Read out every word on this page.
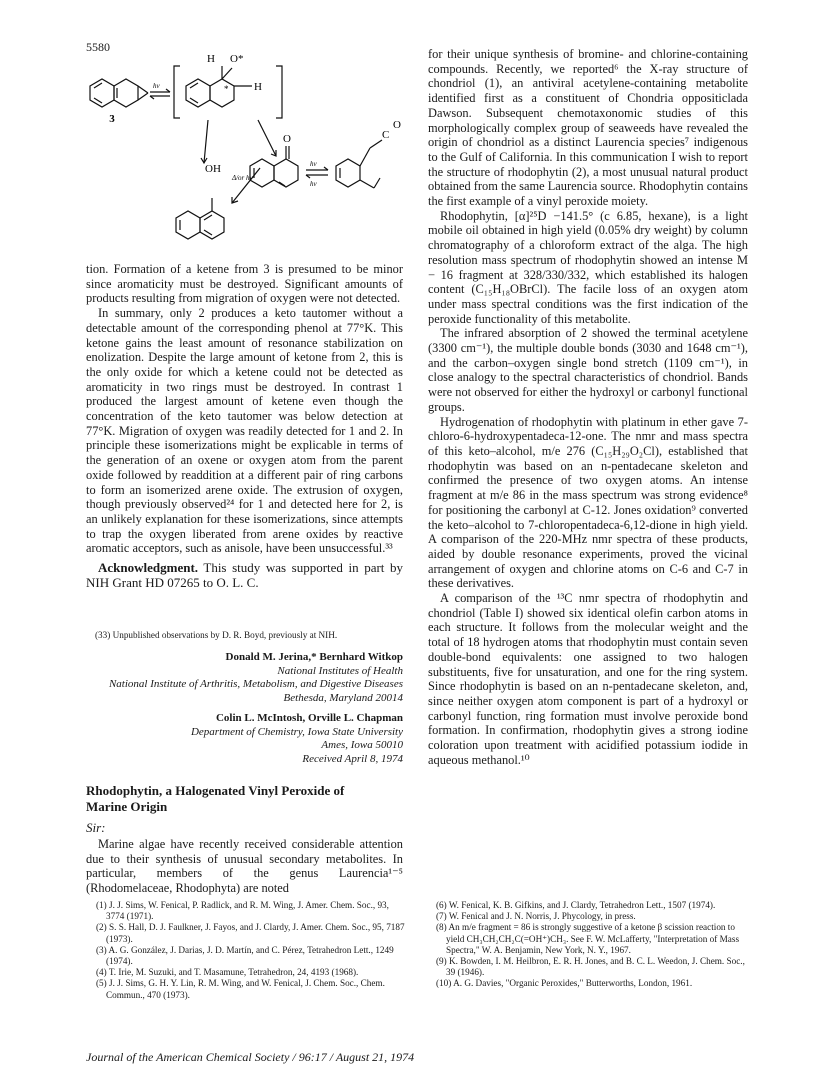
5580
3
H O*
H
*
O
OH
C
O
hν
hν
hν
Δ/or hν

tion. Formation of a ketene from 3 is presumed to be minor since aromaticity must be destroyed. Significant amounts of products resulting from migration of oxygen were not detected.

In summary, only 2 produces a keto tautomer without a detectable amount of the corresponding phenol at 77°K. This ketone gains the least amount of resonance stabilization on enolization. Despite the large amount of ketone from 2, this is the only oxide for which a ketene could not be detected as aromaticity in two rings must be destroyed. In contrast 1 produced the largest amount of ketene even though the concentration of the keto tautomer was below detection at 77°K. Migration of oxygen was readily detected for 1 and 2. In principle these isomerizations might be explicable in terms of the generation of an oxene or oxygen atom from the parent oxide followed by readdition at a different pair of ring carbons to form an isomerized arene oxide. The extrusion of oxygen, though previously observed²⁴ for 1 and detected here for 2, is an unlikely explanation for these isomerizations, since attempts to trap the oxygen liberated from arene oxides by reactive aromatic acceptors, such as anisole, have been unsuccessful.³³

Acknowledgment. This study was supported in part by NIH Grant HD 07265 to O. L. C.

(33) Unpublished observations by D. R. Boyd, previously at NIH.
Donald M. Jerina,* Bernhard Witkop
National Institutes of Health
National Institute of Arthritis, Metabolism, and Digestive Diseases
Bethesda, Maryland 20014
Colin L. McIntosh, Orville L. Chapman
Department of Chemistry, Iowa State University
Ames, Iowa 50010
Received April 8, 1974
Rhodophytin, a Halogenated Vinyl Peroxide of Marine Origin
Sir:

Marine algae have recently received considerable attention due to their synthesis of unusual secondary metabolites. In particular, members of the genus Laurencia¹⁻⁵ (Rhodomelaceae, Rhodophyta) are noted

for their unique synthesis of bromine- and chlorine-containing compounds. Recently, we reported⁶ the X-ray structure of chondriol (1), an antiviral acetylene-containing metabolite identified first as a constituent of Chondria oppositiclada Dawson. Subsequent chemotaxonomic studies of this morphologically complex group of seaweeds have revealed the origin of chondriol as a distinct Laurencia species⁷ indigenous to the Gulf of California. In this communication I wish to report the structure of rhodophytin (2), a most unusual natural product obtained from the same Laurencia source. Rhodophytin contains the first example of a vinyl peroxide moiety.

Rhodophytin, [α]²⁵D −141.5° (c 6.85, hexane), is a light mobile oil obtained in high yield (0.05% dry weight) by column chromatography of a chloroform extract of the alga. The high resolution mass spectrum of rhodophytin showed an intense M − 16 fragment at 328/330/332, which established its halogen content (C₁₅H₁₈OBrCl). The facile loss of an oxygen atom under mass spectral conditions was the first indication of the peroxide functionality of this metabolite.

The infrared absorption of 2 showed the terminal acetylene (3300 cm⁻¹), the multiple double bonds (3030 and 1648 cm⁻¹), and the carbon–oxygen single bond stretch (1109 cm⁻¹), in close analogy to the spectral characteristics of chondriol. Bands were not observed for either the hydroxyl or carbonyl functional groups.

Hydrogenation of rhodophytin with platinum in ether gave 7-chloro-6-hydroxypentadeca-12-one. The nmr and mass spectra of this keto–alcohol, m/e 276 (C₁₅H₂₉O₂Cl), established that rhodophytin was based on an n-pentadecane skeleton and confirmed the presence of two oxygen atoms. An intense fragment at m/e 86 in the mass spectrum was strong evidence⁸ for positioning the carbonyl at C-12. Jones oxidation⁹ converted the keto–alcohol to 7-chloropentadeca-6,12-dione in high yield. A comparison of the 220-MHz nmr spectra of these products, aided by double resonance experiments, proved the vicinal arrangement of oxygen and chlorine atoms on C-6 and C-7 in these derivatives.

A comparison of the ¹³C nmr spectra of rhodophytin and chondriol (Table I) showed six identical olefin carbon atoms in each structure. It follows from the molecular weight and the total of 18 hydrogen atoms that rhodophytin must contain seven double-bond equivalents: one assigned to two halogen substituents, five for unsaturation, and one for the ring system. Since rhodophytin is based on an n-pentadecane skeleton, and, since neither oxygen atom component is part of a hydroxyl or carbonyl function, ring formation must involve peroxide bond formation. In confirmation, rhodophytin gives a strong iodine coloration upon treatment with acidified potassium iodide in aqueous methanol.¹⁰

(1) J. J. Sims, W. Fenical, P. Radlick, and R. M. Wing, J. Amer. Chem. Soc., 93, 3774 (1971).
(2) S. S. Hall, D. J. Faulkner, J. Fayos, and J. Clardy, J. Amer. Chem. Soc., 95, 7187 (1973).
(3) A. G. González, J. Darias, J. D. Martín, and C. Pérez, Tetrahedron Lett., 1249 (1974).
(4) T. Irie, M. Suzuki, and T. Masamune, Tetrahedron, 24, 4193 (1968).
(5) J. J. Sims, G. H. Y. Lin, R. M. Wing, and W. Fenical, J. Chem. Soc., Chem. Commun., 470 (1973).
(6) W. Fenical, K. B. Gifkins, and J. Clardy, Tetrahedron Lett., 1507 (1974).
(7) W. Fenical and J. N. Norris, J. Phycology, in press.
(8) An m/e fragment = 86 is strongly suggestive of a ketone β scission reaction to yield CH₃CH₂CH₂C(=OH⁺)CH₃. See F. W. McLafferty, "Interpretation of Mass Spectra," W. A. Benjamin, New York, N. Y., 1967.
(9) K. Bowden, I. M. Heilbron, E. R. H. Jones, and B. C. L. Weedon, J. Chem. Soc., 39 (1946).
(10) A. G. Davies, "Organic Peroxides," Butterworths, London, 1961.
Journal of the American Chemical Society / 96:17 / August 21, 1974
